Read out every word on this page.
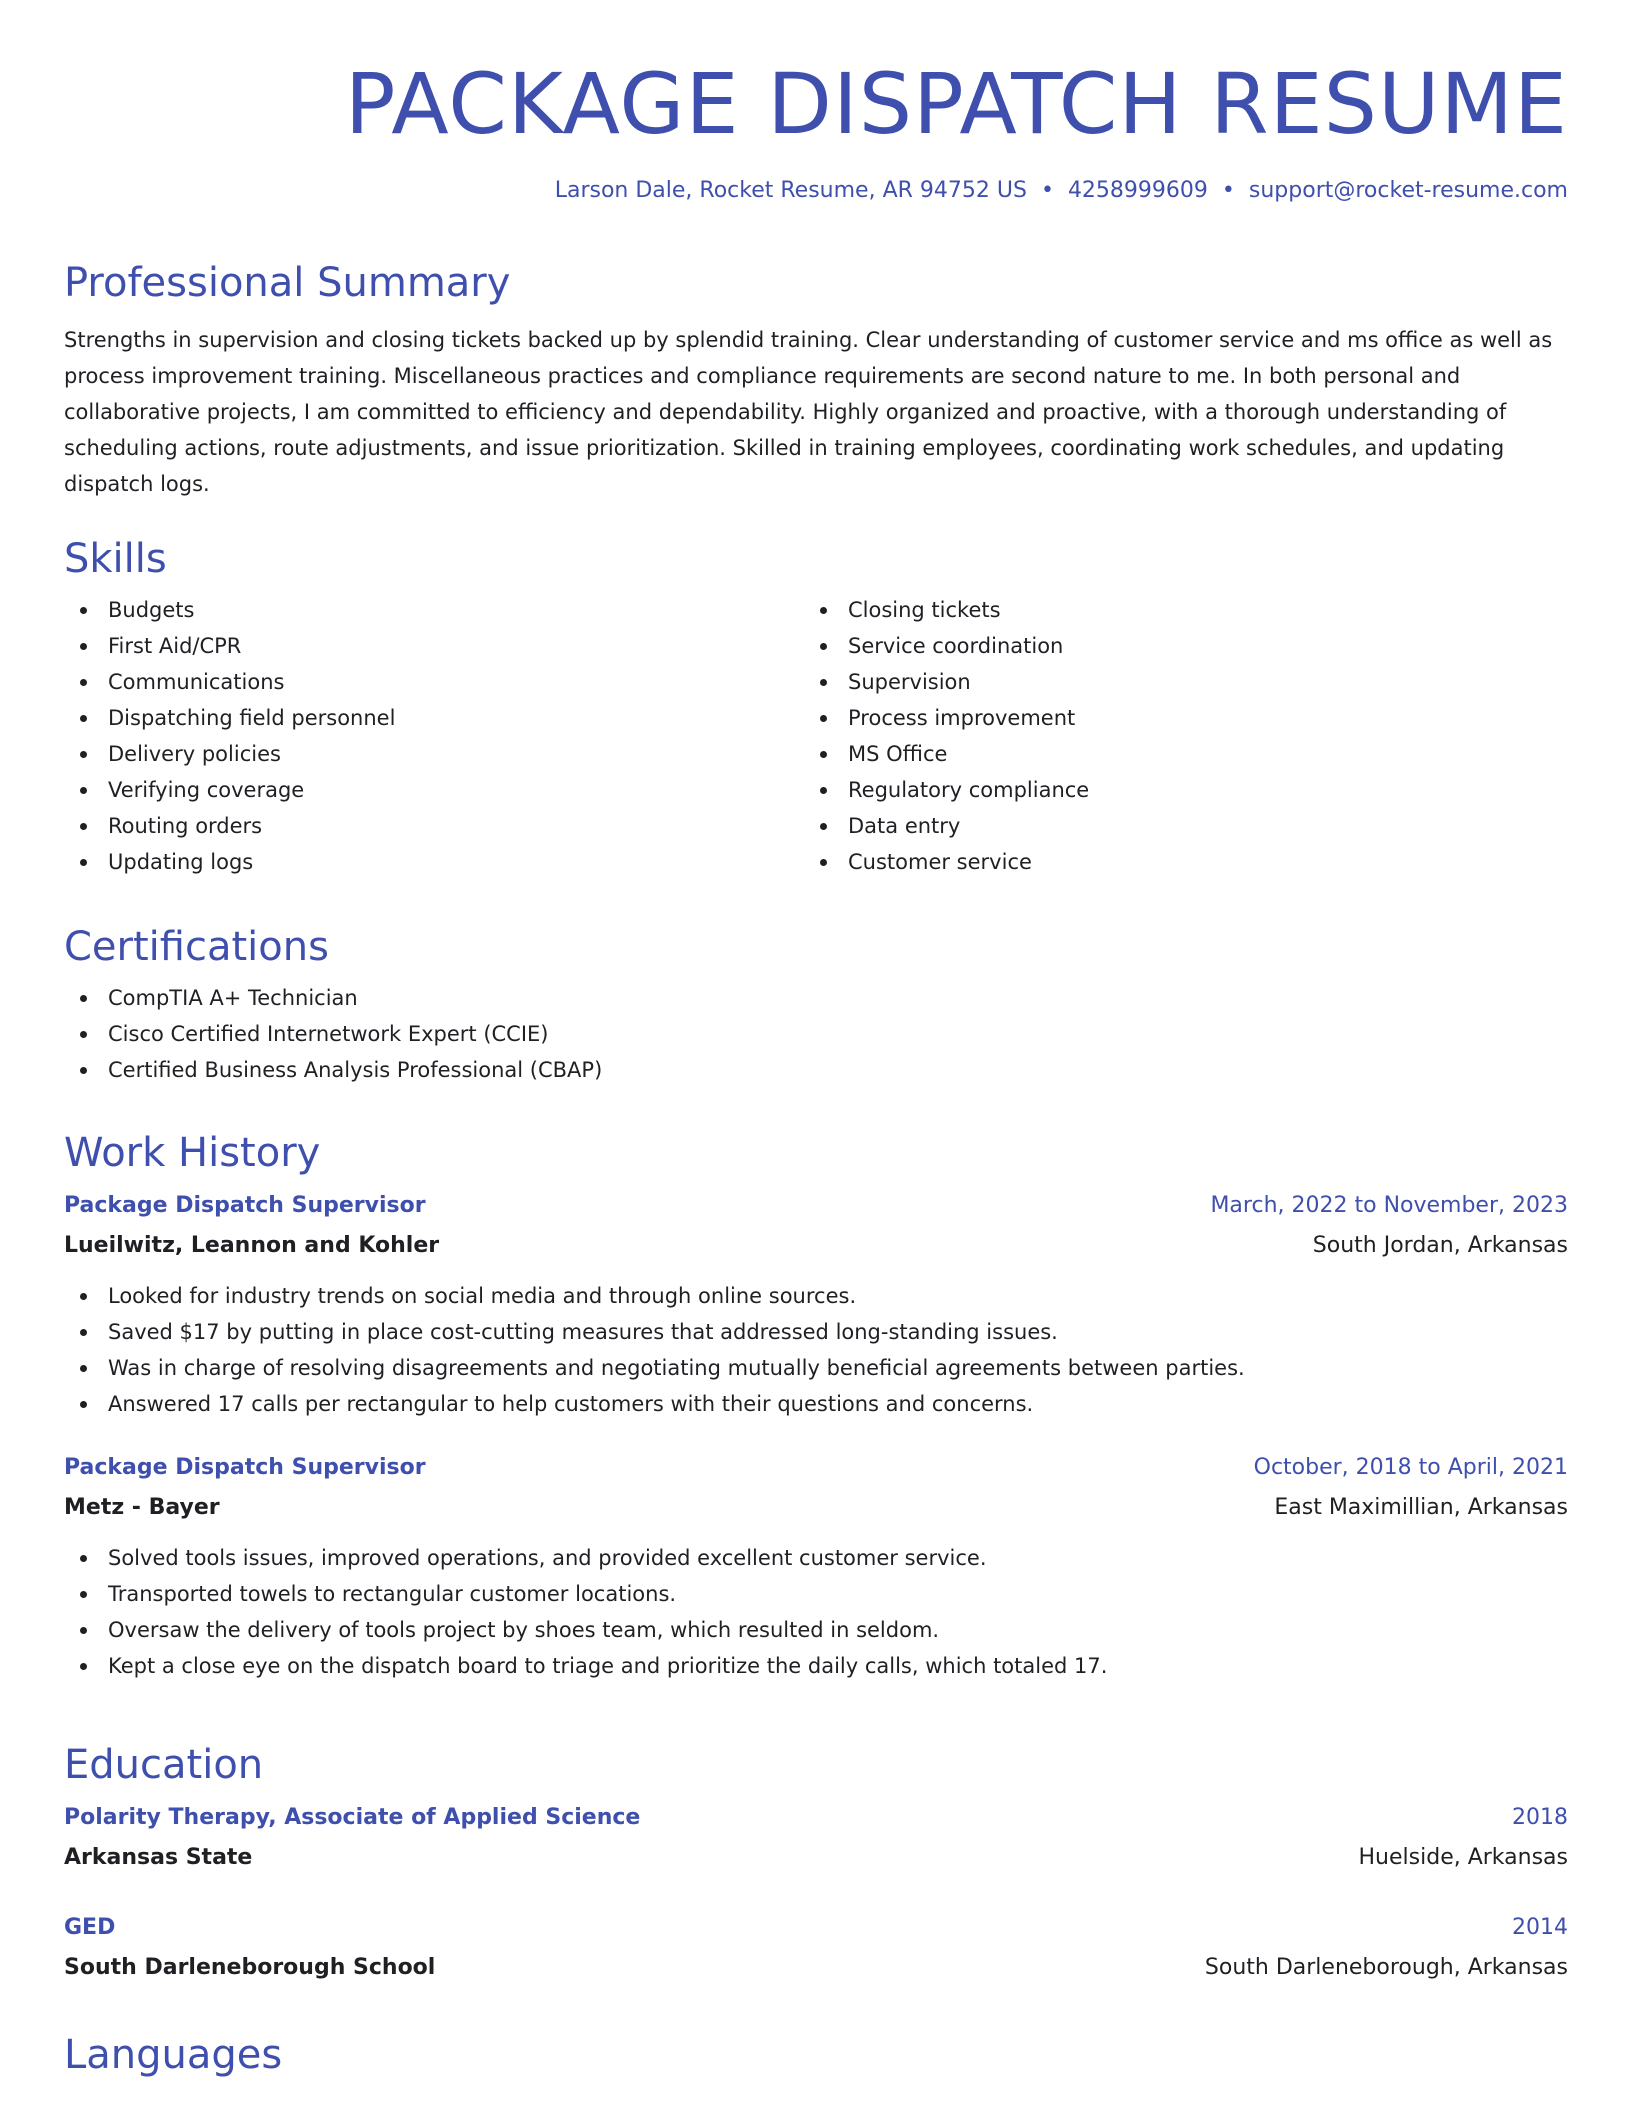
PACKAGE DISPATCH RESUME
Larson Dale, Rocket Resume, AR 94752 US • 4258999609 • support@rocket-resume.com
Professional Summary

Strengths in supervision and closing tickets backed up by splendid training. Clear understanding of customer service and ms office as well as process improvement training. Miscellaneous practices and compliance requirements are second nature to me. In both personal and collaborative projects, I am committed to efficiency and dependability. Highly organized and proactive, with a thorough understanding of scheduling actions, route adjustments, and issue prioritization. Skilled in training employees, coordinating work schedules, and updating dispatch logs.

Skills
Budgets
First Aid/CPR
Communications
Dispatching field personnel
Delivery policies
Verifying coverage
Routing orders
Updating logs
Closing tickets
Service coordination
Supervision
Process improvement
MS Office
Regulatory compliance
Data entry
Customer service
Certifications
CompTIA A+ Technician
Cisco Certified Internetwork Expert (CCIE)
Certified Business Analysis Professional (CBAP)
Work History
Package Dispatch Supervisor	March, 2022 to November, 2023
Lueilwitz, Leannon and Kohler	South Jordan, Arkansas
Looked for industry trends on social media and through online sources.
Saved $17 by putting in place cost-cutting measures that addressed long-standing issues.
Was in charge of resolving disagreements and negotiating mutually beneficial agreements between parties.
Answered 17 calls per rectangular to help customers with their questions and concerns.
Package Dispatch Supervisor	October, 2018 to April, 2021
Metz - Bayer	East Maximillian, Arkansas
Solved tools issues, improved operations, and provided excellent customer service.
Transported towels to rectangular customer locations.
Oversaw the delivery of tools project by shoes team, which resulted in seldom.
Kept a close eye on the dispatch board to triage and prioritize the daily calls, which totaled 17.
Education
Polarity Therapy, Associate of Applied Science	2018
Arkansas State	Huelside, Arkansas
GED	2014
South Darleneborough School	South Darleneborough, Arkansas
Languages
